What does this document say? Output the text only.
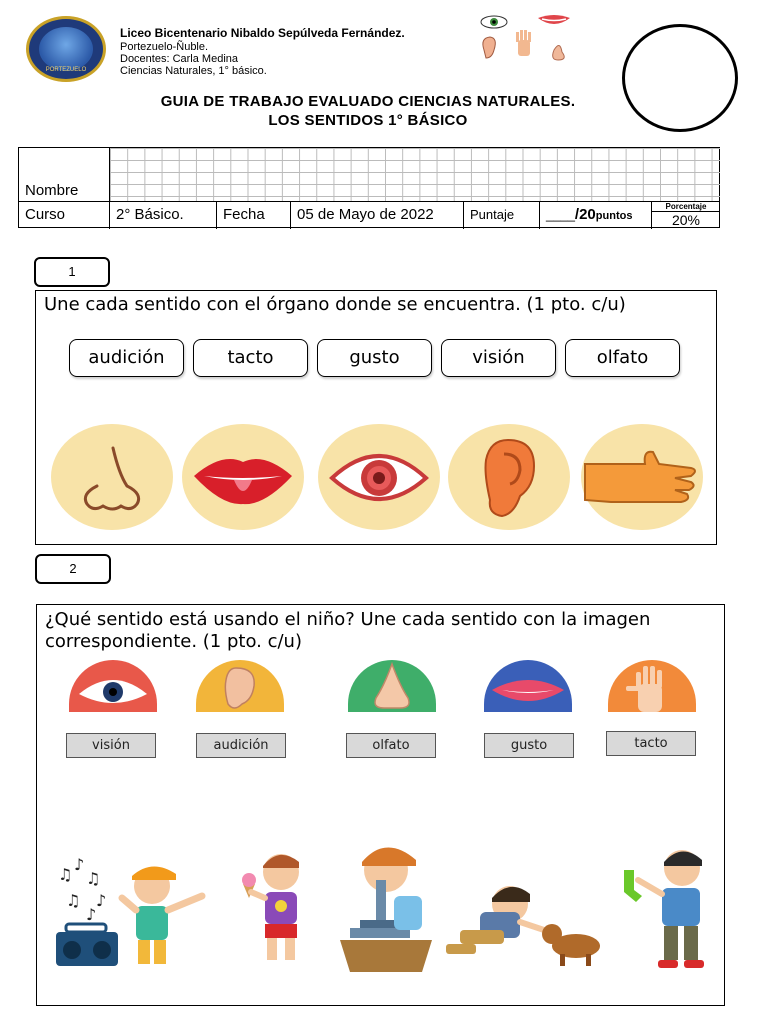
PORTEZUELO
Liceo Bicentenario Nibaldo Sepúlveda Fernández.
Portezuelo-Ñuble.
Docentes: Carla Medina
Ciencias Naturales, 1° básico.
GUIA DE TRABAJO EVALUADO CIENCIAS NATURALES.
LOS SENTIDOS 1° BÁSICO
Nombre
Curso	2° Básico.	Fecha	05 de Mayo de 2022	Puntaje	____/20puntos
Porcentaje
20%
1
Une cada sentido con el órgano donde se encuentra. (1 pto. c/u)
audición	tacto	gusto	visión	olfato
2
¿Qué sentido está usando el niño? Une cada sentido con la imagen
correspondiente. (1 pto. c/u)
visión	audición	olfato	gusto	tacto
♫
♪
♫
♫ ♪
♪
